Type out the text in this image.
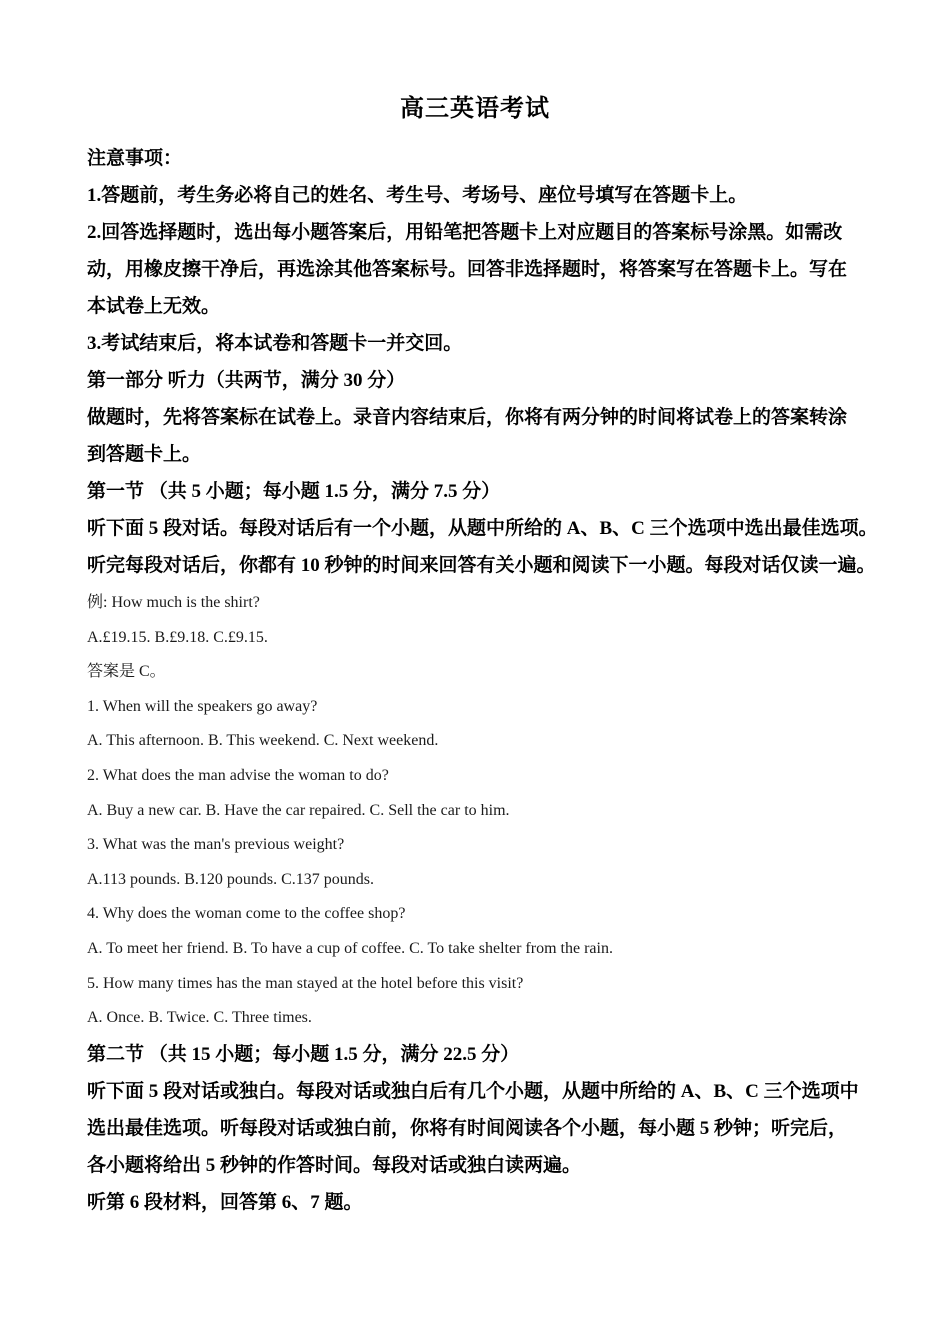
高三英语考试
注意事项：
1.答题前，考生务必将自己的姓名、考生号、考场号、座位号填写在答题卡上。
2.回答选择题时，选出每小题答案后，用铅笔把答题卡上对应题目的答案标号涂黑。如需改
动，用橡皮擦干净后，再选涂其他答案标号。回答非选择题时，将答案写在答题卡上。写在
本试卷上无效。
3.考试结束后，将本试卷和答题卡一并交回。
第一部分 听力（共两节，满分 30 分）
做题时，先将答案标在试卷上。录音内容结束后，你将有两分钟的时间将试卷上的答案转涂
到答题卡上。
第一节 （共 5 小题；每小题 1.5 分，满分 7.5 分）
听下面 5 段对话。每段对话后有一个小题，从题中所给的 A、B、C 三个选项中选出最佳选项。
听完每段对话后，你都有 10 秒钟的时间来回答有关小题和阅读下一小题。每段对话仅读一遍。
例: How much is the shirt?
A.£19.15. B.£9.18. C.£9.15.
答案是 C。
1. When will the speakers go away?
A. This afternoon. B. This weekend. C. Next weekend.
2. What does the man advise the woman to do?
A. Buy a new car. B. Have the car repaired. C. Sell the car to him.
3. What was the man's previous weight?
A.113 pounds. B.120 pounds. C.137 pounds.
4. Why does the woman come to the coffee shop?
A. To meet her friend. B. To have a cup of coffee. C. To take shelter from the rain.
5. How many times has the man stayed at the hotel before this visit?
A. Once. B. Twice. C. Three times.
第二节 （共 15 小题；每小题 1.5 分，满分 22.5 分）
听下面 5 段对话或独白。每段对话或独白后有几个小题，从题中所给的 A、B、C 三个选项中
选出最佳选项。听每段对话或独白前，你将有时间阅读各个小题，每小题 5 秒钟；听完后，
各小题将给出 5 秒钟的作答时间。每段对话或独白读两遍。
听第 6 段材料，回答第 6、7 题。
